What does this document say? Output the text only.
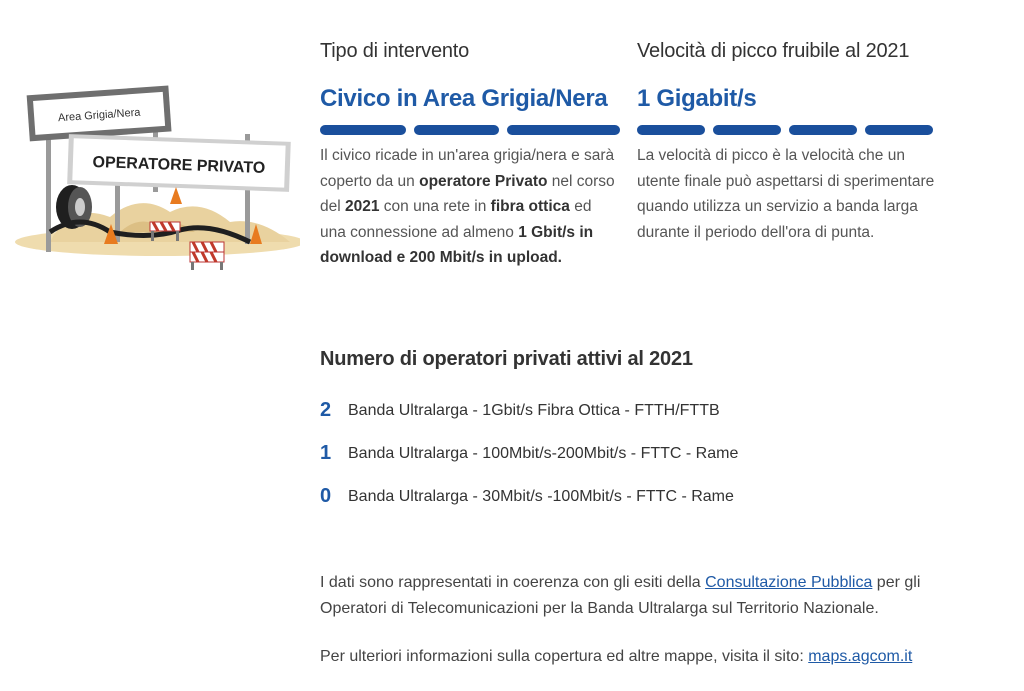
Area Grigia/Nera
OPERATORE PRIVATO
Tipo di intervento
Civico in Area Grigia/Nera

Il civico ricade in un'area grigia/nera e sarà coperto da un operatore Privato nel corso del 2021 con una rete in fibra ottica ed una connessione ad almeno 1 Gbit/s in download e 200 Mbit/s in upload.

Velocità di picco fruibile al 2021
1 Gigabit/s

La velocità di picco è la velocità che un utente finale può aspettarsi di sperimentare quando utilizza un servizio a banda larga durante il periodo dell'ora di punta.

Numero di operatori privati attivi al 2021
2	Banda Ultralarga - 1Gbit/s Fibra Ottica - FTTH/FTTB
1	Banda Ultralarga - 100Mbit/s-200Mbit/s - FTTC - Rame
0	Banda Ultralarga - 30Mbit/s -100Mbit/s - FTTC - Rame

I dati sono rappresentati in coerenza con gli esiti della Consultazione Pubblica per gli Operatori di Telecomunicazioni per la Banda Ultralarga sul Territorio Nazionale.

Per ulteriori informazioni sulla copertura ed altre mappe, visita il sito: maps.agcom.it
